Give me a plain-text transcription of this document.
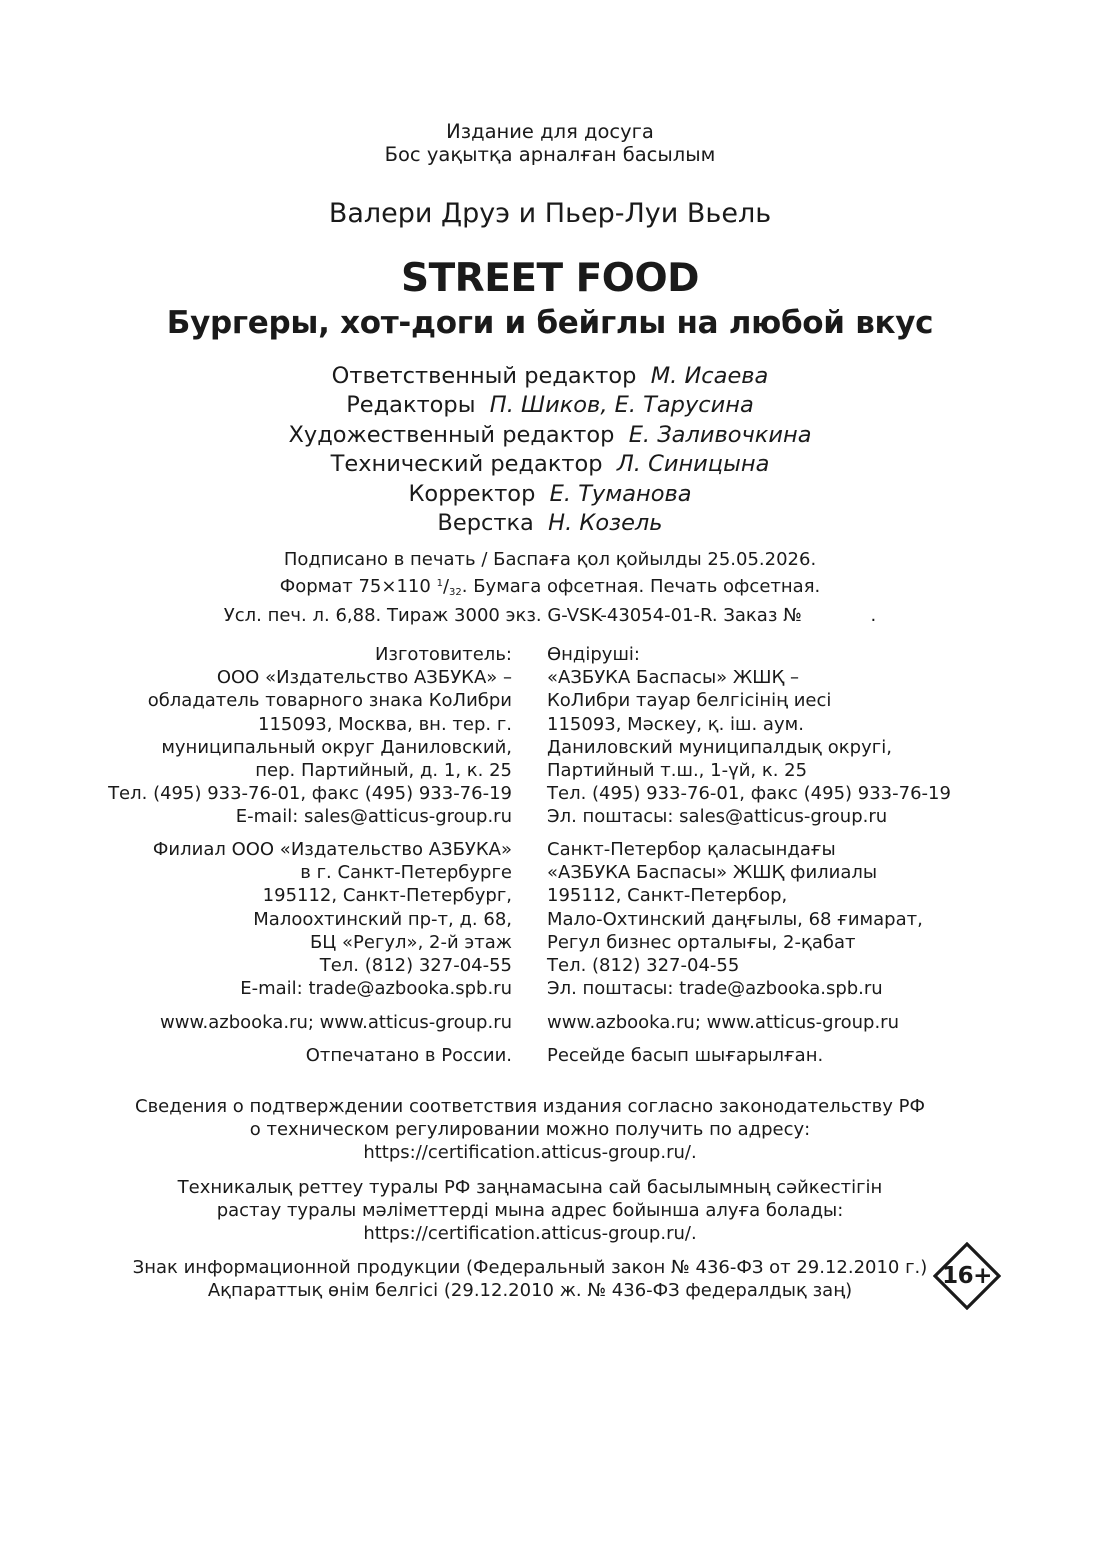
Издание для досуга
Бос уақытқа арналған басылым
Валери Друэ и Пьер-Луи Вьель
STREET FOOD
Бургеры, хот-доги и бейглы на любой вкус
Ответственный редактор М. Исаева
Редакторы П. Шиков, Е. Тарусина
Художественный редактор Е. Заливочкина
Технический редактор Л. Синицына
Корректор Е. Туманова
Верстка Н. Козель
Подписано в печать / Баспаға қол қойылды 25.05.2026.
Формат 75×110 $^1/_{32}$. Бумага офсетная. Печать офсетная.
Усл. печ. л. 6,88. Тираж 3000 экз. G-VSK-43054-01-R. Заказ №            .
Изготовитель:
ООО «Издательство АЗБУКА» –
обладатель товарного знака КоЛибри
115093, Москва, вн. тер. г.
муниципальный округ Даниловский,
пер. Партийный, д. 1, к. 25
Тел. (495) 933-76-01, факс (495) 933-76-19
E-mail: sales@atticus-group.ru
Өндіруші:
«АЗБУКА Баспасы» ЖШҚ –
КоЛибри тауар белгісінің иесі
115093, Мәскеу, қ. іш. аум.
Даниловский муниципалдық округі,
Партийный т.ш., 1-үй, к. 25
Тел. (495) 933-76-01, факс (495) 933-76-19
Эл. поштасы: sales@atticus-group.ru
Филиал ООО «Издательство АЗБУКА»
в г. Санкт-Петербурге
195112, Санкт-Петербург,
Малоохтинский пр-т, д. 68,
БЦ «Регул», 2-й этаж
Тел. (812) 327-04-55
E-mail: trade@azbooka.spb.ru
Санкт-Петербор қаласындағы
«АЗБУКА Баспасы» ЖШҚ филиалы
195112, Санкт-Петербор,
Мало-Охтинский даңғылы, 68 ғимарат,
Регул бизнес орталығы, 2-қабат
Тел. (812) 327-04-55
Эл. поштасы: trade@azbooka.spb.ru
www.azbooka.ru; www.atticus-group.ru www.azbooka.ru; www.atticus-group.ru
Отпечатано в России. Ресейде басып шығарылған.
Сведения о подтверждении соответствия издания согласно законодательству РФ
о техническом регулировании можно получить по адресу:
https://certification.atticus-group.ru/.
Техникалық реттеу туралы РФ заңнамасына сай басылымның сәйкестігін
растау туралы мәліметтерді мына адрес бойынша алуға болады:
https://certification.atticus-group.ru/.
Знак информационной продукции (Федеральный закон № 436-ФЗ от 29.12.2010 г.)
Ақпараттық өнім белгісі (29.12.2010 ж. № 436-ФЗ федералдық заң)
16+
